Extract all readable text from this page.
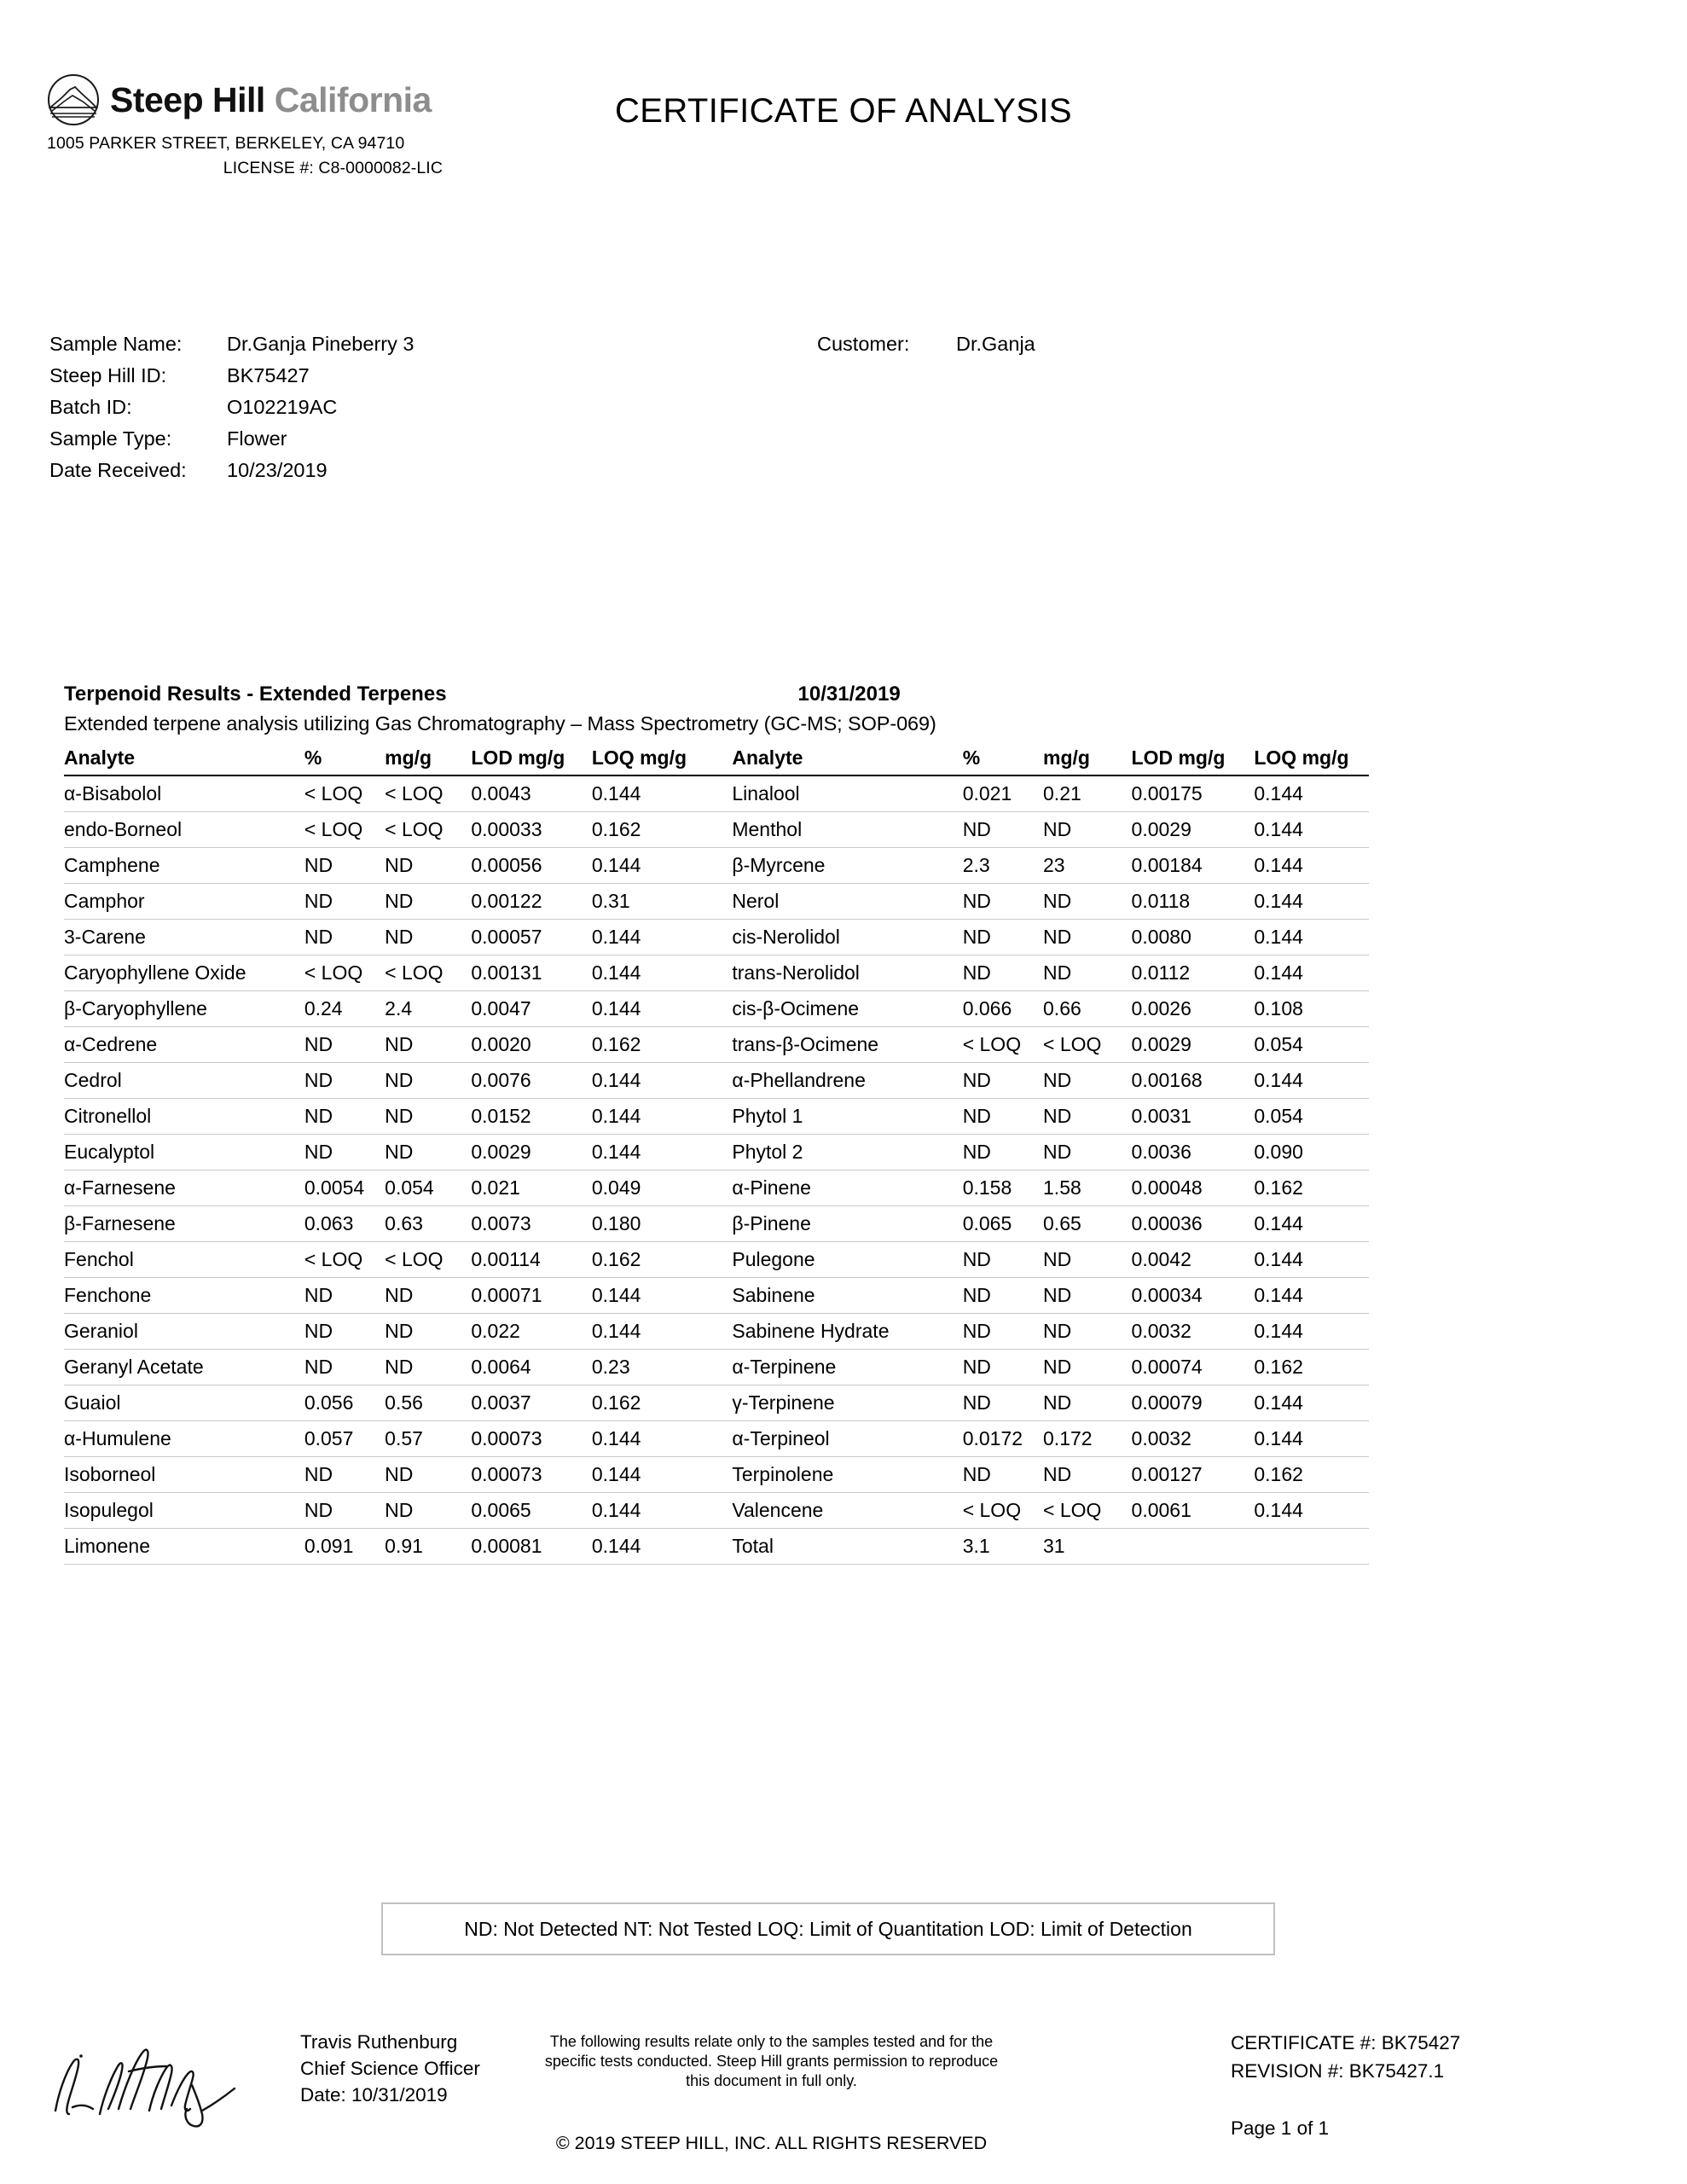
Steep Hill California
1005 PARKER STREET, BERKELEY, CA 94710
LICENSE #: C8-0000082-LIC
CERTIFICATE OF ANALYSIS
Sample Name:	Dr.Ganja Pineberry 3	Customer: Dr.Ganja
Steep Hill ID:	BK75427
Batch ID:	O102219AC
Sample Type:	Flower
Date Received:	10/23/2019
Terpenoid Results - Extended Terpenes	10/31/2019
Extended terpene analysis utilizing Gas Chromatography – Mass Spectrometry (GC-MS; SOP-069)
Analyte	%	mg/g	LOD mg/g	LOQ mg/g	Analyte	%	mg/g	LOD mg/g	LOQ mg/g
α-Bisabolol	< LOQ	< LOQ	0.0043	0.144	Linalool	0.021	0.21	0.00175	0.144
endo-Borneol	< LOQ	< LOQ	0.00033	0.162	Menthol	ND	ND	0.0029	0.144
Camphene	ND	ND	0.00056	0.144	β-Myrcene	2.3	23	0.00184	0.144
Camphor	ND	ND	0.00122	0.31	Nerol	ND	ND	0.0118	0.144
3-Carene	ND	ND	0.00057	0.144	cis-Nerolidol	ND	ND	0.0080	0.144
Caryophyllene Oxide	< LOQ	< LOQ	0.00131	0.144	trans-Nerolidol	ND	ND	0.0112	0.144
β-Caryophyllene	0.24	2.4	0.0047	0.144	cis-β-Ocimene	0.066	0.66	0.0026	0.108
α-Cedrene	ND	ND	0.0020	0.162	trans-β-Ocimene	< LOQ	< LOQ	0.0029	0.054
Cedrol	ND	ND	0.0076	0.144	α-Phellandrene	ND	ND	0.00168	0.144
Citronellol	ND	ND	0.0152	0.144	Phytol 1	ND	ND	0.0031	0.054
Eucalyptol	ND	ND	0.0029	0.144	Phytol 2	ND	ND	0.0036	0.090
α-Farnesene	0.0054	0.054	0.021	0.049	α-Pinene	0.158	1.58	0.00048	0.162
β-Farnesene	0.063	0.63	0.0073	0.180	β-Pinene	0.065	0.65	0.00036	0.144
Fenchol	< LOQ	< LOQ	0.00114	0.162	Pulegone	ND	ND	0.0042	0.144
Fenchone	ND	ND	0.00071	0.144	Sabinene	ND	ND	0.00034	0.144
Geraniol	ND	ND	0.022	0.144	Sabinene Hydrate	ND	ND	0.0032	0.144
Geranyl Acetate	ND	ND	0.0064	0.23	α-Terpinene	ND	ND	0.00074	0.162
Guaiol	0.056	0.56	0.0037	0.162	γ-Terpinene	ND	ND	0.00079	0.144
α-Humulene	0.057	0.57	0.00073	0.144	α-Terpineol	0.0172	0.172	0.0032	0.144
Isoborneol	ND	ND	0.00073	0.144	Terpinolene	ND	ND	0.00127	0.162
Isopulegol	ND	ND	0.0065	0.144	Valencene	< LOQ	< LOQ	0.0061	0.144
Limonene	0.091	0.91	0.00081	0.144	Total	3.1	31		
ND: Not Detected NT: Not Tested LOQ: Limit of Quantitation LOD: Limit of Detection
Travis Ruthenburg
Chief Science Officer
Date: 10/31/2019
The following results relate only to the samples tested and for the specific tests conducted. Steep Hill grants permission to reproduce this document in full only.
© 2019 STEEP HILL, INC. ALL RIGHTS RESERVED
CERTIFICATE #: BK75427
REVISION #: BK75427.1
Page 1 of 1
